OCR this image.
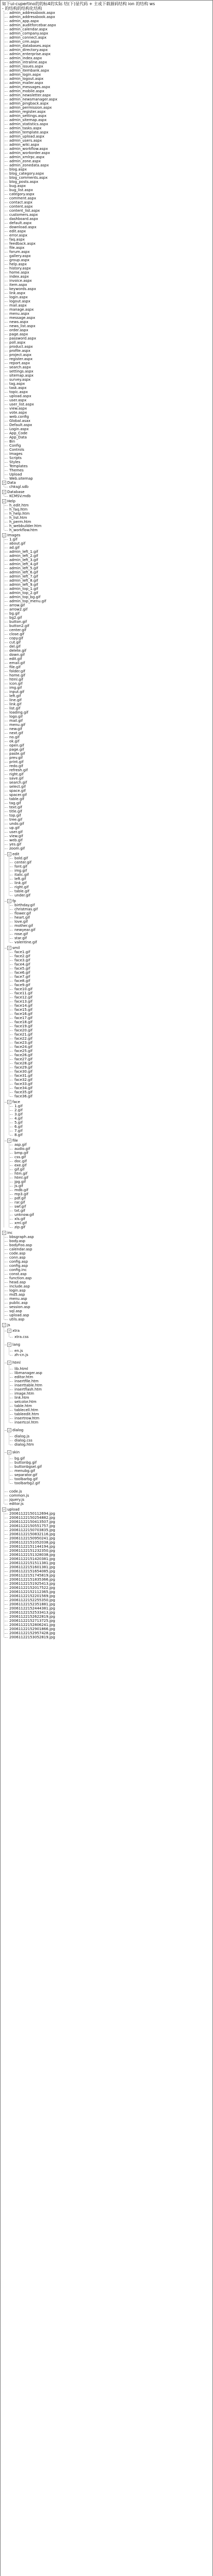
如下ui-cupertino的的标4的实际 结(下)显代码 + 主或下载源码结构 ion 的结构 ws
- 的结构的结构化结构
admin_addressbook.aspx
admin_addressbook.aspx
admin_app.aspx
admin_auditforcebar.aspx
admin_calendar.aspx
admin_company.aspx
admin_connect.aspx
admin_crm.aspx
admin_databases.aspx
admin_directory.aspx
admin_enterprise.aspx
admin_index.aspx
admin_intraline.aspx
admin_issues.aspx
admin_itembank.aspx
admin_login.aspx
admin_logout.aspx
admin_mailer.aspx
admin_messages.aspx
admin_mobile.aspx
admin_newsletter.aspx
admin_newsmanager.aspx
admin_pingback.aspx
admin_permission.aspx
admin_register.aspx
admin_settings.aspx
admin_sitemap.aspx
admin_statistics.aspx
admin_tasks.aspx
admin_template.aspx
admin_upload.aspx
admin_users.aspx
admin_wiki.aspx
admin_workflow.aspx
admin_workorder.aspx
admin_xmlrpc.aspx
admin_zone.aspx
admin_zonedata.aspx
blog.aspx
blog_category.aspx
blog_comments.aspx
blog_posts.aspx
bug.aspx
bug_list.aspx
category.aspx
comment.aspx
contact.aspx
content.aspx
content_list.aspx
customers.aspx
dashboard.aspx
default.aspx
download.aspx
edit.aspx
error.aspx
faq.aspx
feedback.aspx
file.aspx
forum.aspx
gallery.aspx
group.aspx
help.aspx
history.aspx
home.aspx
index.aspx
invoice.aspx
item.aspx
keywords.aspx
link.aspx
login.aspx
logout.aspx
mail.aspx
manage.aspx
menu.aspx
message.aspx
news.aspx
news_list.aspx
order.aspx
page.aspx
password.aspx
poll.aspx
product.aspx
profile.aspx
project.aspx
register.aspx
report.aspx
search.aspx
settings.aspx
sitemap.aspx
survey.aspx
tag.aspx
task.aspx
topic.aspx
upload.aspx
user.aspx
user_list.aspx
view.aspx
vote.aspx
web.config
Global.asax
Default.aspx
Login.aspx
App_Code
App_Data
Bin
Config
Controls
Images
Scripts
Styles
Templates
Themes
Upload
Web.sitemap
− Data
chksgl.sdb
− Database
KCMSV.mdb
− Help
h_edit.htm
h_faq.htm
h_help.htm
h_list.htm
h_perm.htm
h_webbuilder.htm
h_workflow.htm
− Images
1.gif
about.gif
ad.gif
admin_left_1.gif
admin_left_2.gif
admin_left_3.gif
admin_left_4.gif
admin_left_5.gif
admin_left_6.gif
admin_left_7.gif
admin_left_8.gif
admin_left_9.gif
admin_top_1.gif
admin_top_2.gif
admin_top_bg.gif
admin_top_menu.gif
arrow.gif
arrow2.gif
bg.gif
bg2.gif
button.gif
button2.gif
center.gif
close.gif
copy.gif
cut.gif
del.gif
delete.gif
down.gif
edit.gif
email.gif
file.gif
folder.gif
home.gif
html.gif
icon.gif
img.gif
input.gif
left.gif
line.gif
link.gif
list.gif
loading.gif
logo.gif
mail.gif
menu.gif
new.gif
next.gif
no.gif
ok.gif
open.gif
page.gif
paste.gif
prev.gif
print.gif
redo.gif
refresh.gif
right.gif
save.gif
search.gif
select.gif
space.gif
spacer.gif
table.gif
tag.gif
text.gif
title.gif
top.gif
tree.gif
undo.gif
up.gif
user.gif
view.gif
web.gif
yes.gif
zoom.gif
− edit
bold.gif
center.gif
font.gif
img.gif
italic.gif
left.gif
link.gif
right.gif
table.gif
under.gif
− fp
birthday.gif
christmas.gif
flower.gif
heart.gif
love.gif
mother.gif
newyear.gif
rose.gif
star.gif
valentine.gif
− smil
face1.gif
face2.gif
face3.gif
face4.gif
face5.gif
face6.gif
face7.gif
face8.gif
face9.gif
face10.gif
face11.gif
face12.gif
face13.gif
face14.gif
face15.gif
face16.gif
face17.gif
face18.gif
face19.gif
face20.gif
face21.gif
face22.gif
face23.gif
face24.gif
face25.gif
face26.gif
face27.gif
face28.gif
face29.gif
face30.gif
face31.gif
face32.gif
face33.gif
face34.gif
face35.gif
face36.gif
− face
1.gif
2.gif
3.gif
4.gif
5.gif
6.gif
7.gif
8.gif
− file
asp.gif
audio.gif
bmp.gif
css.gif
doc.gif
exe.gif
gif.gif
htm.gif
html.gif
jpg.gif
js.gif
mdb.gif
mp3.gif
pdf.gif
rar.gif
swf.gif
txt.gif
unknow.gif
xls.gif
xml.gif
zip.gif
− inc
bbsgraph.asp
body.asp
bodyFoo.asp
calendar.asp
code.asp
conn.asp
config.asp
config.asp
config.inc
const.asp
function.asp
head.asp
include.asp
login.asp
md5.asp
menu.asp
public.asp
session.asp
sql.asp
upload.asp
utils.asp
− js
− xtra
xtra.css
− lang
en.js
zh-cn.js
− html
lib.html
libmanager.asp
editor.htm
insertfile.htm
inserttable.htm
insertflash.htm
image.htm
link.htm
selcolor.htm
table.htm
tablecell.htm
tableedit.htm
insertrow.htm
insertcol.htm
− dialog
dialog.js
dialog.css
dialog.htm
− skin
bg.gif
buttonbg.gif
buttonbgsel.gif
menubg.gif
separator.gif
toolbarbg.gif
toolbarbg2.gif
code.js
common.js
jquery.js
editor.js
− upload
20061122150112694.jpg
20061122150254882.jpg
20061122150413507.jpg
20061122150551757.jpg
20061122150703835.jpg
20061122150832116.jpg
20061122150950241.jpg
20061122151052038.jpg
20061122151144194.jpg
20061122151232350.jpg
20061122151328038.jpg
20061122151420381.jpg
20061122151511381.jpg
20061122151601381.jpg
20061122151654085.jpg
20061122151745819.jpg
20061122151835366.jpg
20061122151925413.jpg
20061122152017522.jpg
20061122152112365.jpg
20061122152201569.jpg
20061122152255350.jpg
20061122152351881.jpg
20061122152444381.jpg
20061122152533413.jpg
20061122152622819.jpg
20061122152713725.jpg
20061122152806241.jpg
20061122152901866.jpg
20061122152957428.jpg
20061122153052819.jpg
